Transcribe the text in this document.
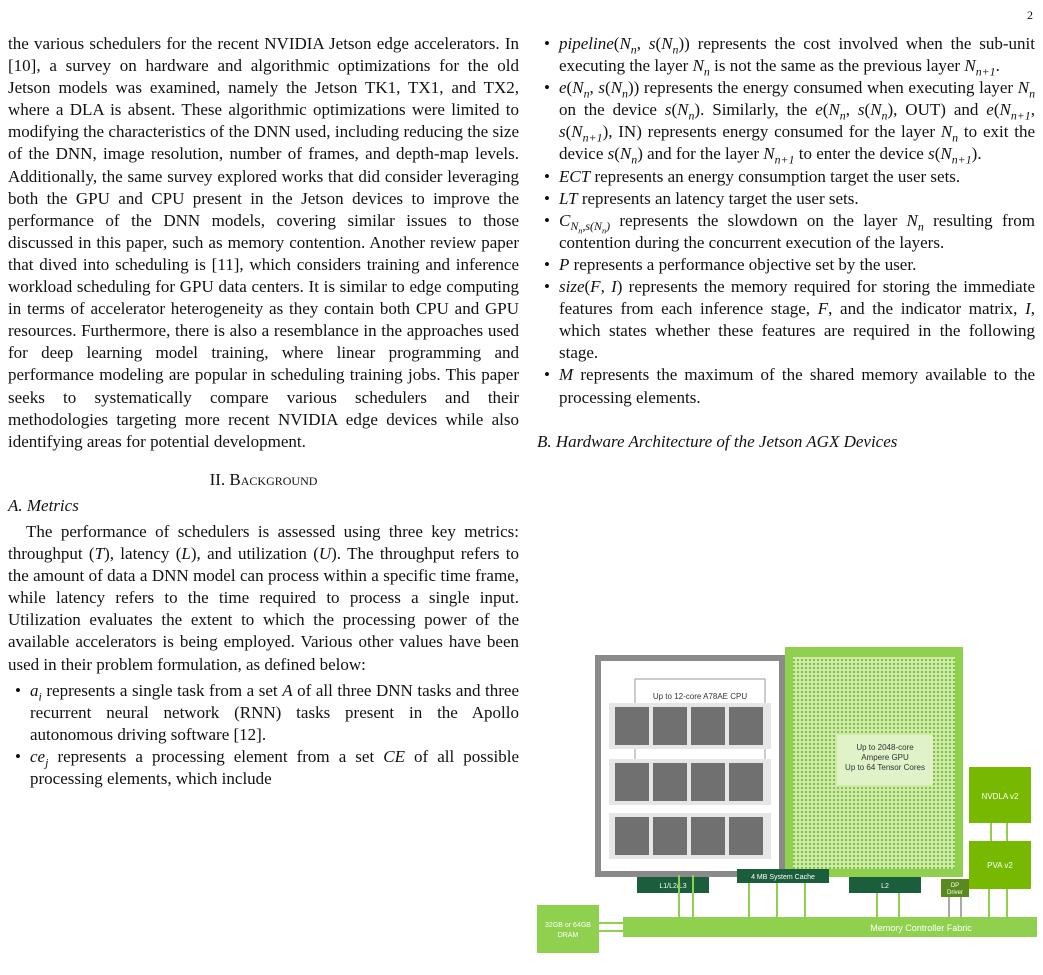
2

the various schedulers for the recent NVIDIA Jetson edge accelerators. In [10], a survey on hardware and algorithmic optimizations for the old Jetson models was examined, namely the Jetson TK1, TX1, and TX2, where a DLA is absent. These algorithmic optimizations were limited to modifying the characteristics of the DNN used, including reducing the size of the DNN, image resolution, number of frames, and depth-map levels. Additionally, the same survey explored works that did consider leveraging both the GPU and CPU present in the Jetson devices to improve the performance of the DNN models, covering similar issues to those discussed in this paper, such as memory contention. Another review paper that dived into scheduling is [11], which considers training and inference workload scheduling for GPU data centers. It is similar to edge computing in terms of accelerator heterogeneity as they contain both CPU and GPU resources. Furthermore, there is also a resemblance in the approaches used for deep learning model training, where linear programming and performance modeling are popular in scheduling training jobs. This paper seeks to systematically compare various schedulers and their methodologies targeting more recent NVIDIA edge devices while also identifying areas for potential development.

II. Background

A. Metrics

The performance of schedulers is assessed using three key metrics: throughput (T), latency (L), and utilization (U). The throughput refers to the amount of data a DNN model can process within a specific time frame, while latency refers to the time required to process a single input. Utilization evaluates the extent to which the processing power of the available accelerators is being employed. Various other values have been used in their problem formulation, as defined below:

• $a_i$ represents a single task from a set A of all three DNN tasks and three recurrent neural network (RNN) tasks present in the Apollo autonomous driving software [12].
• $ce_j$ represents a processing element from a set CE of all possible processing elements, which include
• $pipeline(N_n$, $s(N_n)$) represents the cost involved when the sub-unit executing the layer $N_n$ is not the same as the previous layer $N_{n+1}$.
• $e(N_n$, $s(N_n)$) represents the energy consumed when executing layer $N_n$ on the device $s(N_n)$. Similarly, the $e(N_n$, $s(N_n)$, OUT) and $e(N_{n+1}$, $s(N_{n+1})$, IN) represents energy consumed for the layer $N_n$ to exit the device $s(N_n)$ and for the layer $N_{n+1}$ to enter the device $s(N_{n+1})$.
• ECT represents an energy consumption target the user sets.
• LT represents an latency target the user sets.
• $C_{N_n,s(N_n)}$ represents the slowdown on the layer $N_n$ resulting from contention during the concurrent execution of the layers.
• P represents a performance objective set by the user.
• size(F, I) represents the memory required for storing the immediate features from each inference stage, F, and the indicator matrix, I, which states whether these features are required in the following stage.
• M represents the maximum of the shared memory available to the processing elements.

B. Hardware Architecture of the Jetson AGX Devices

Up to 12-core A78AE CPU
Up to 2048-core
Ampere GPU
Up to 64 Tensor Cores
NVDLA v2
PVA v2
L1/L2/L3
4 MB System Cache
L2	DP
Driver
32GB or 64GB
DRAM
Memory Controller Fabric
